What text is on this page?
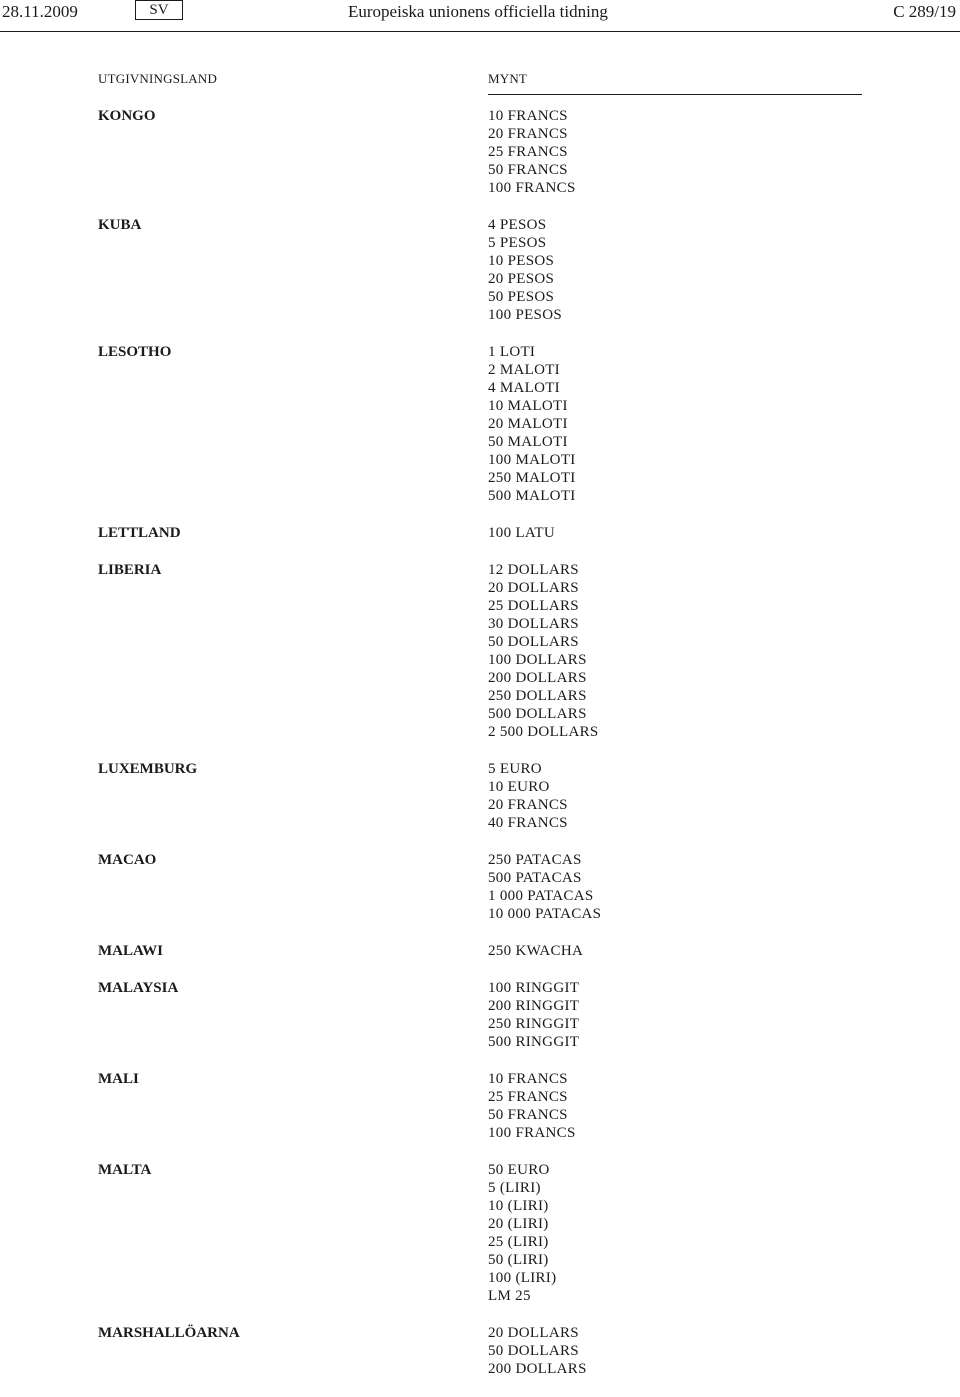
28.11.2009	SV	Europeiska unionens officiella tidning	C 289/19
UTGIVNINGSLAND	MYNT
KONGO	10 FRANCS
20 FRANCS
25 FRANCS
50 FRANCS
100 FRANCS
KUBA	4 PESOS
5 PESOS
10 PESOS
20 PESOS
50 PESOS
100 PESOS
LESOTHO	1 LOTI
2 MALOTI
4 MALOTI
10 MALOTI
20 MALOTI
50 MALOTI
100 MALOTI
250 MALOTI
500 MALOTI
LETTLAND	100 LATU
LIBERIA	12 DOLLARS
20 DOLLARS
25 DOLLARS
30 DOLLARS
50 DOLLARS
100 DOLLARS
200 DOLLARS
250 DOLLARS
500 DOLLARS
2 500 DOLLARS
LUXEMBURG	5 EURO
10 EURO
20 FRANCS
40 FRANCS
MACAO	250 PATACAS
500 PATACAS
1 000 PATACAS
10 000 PATACAS
MALAWI	250 KWACHA
MALAYSIA	100 RINGGIT
200 RINGGIT
250 RINGGIT
500 RINGGIT
MALI	10 FRANCS
25 FRANCS
50 FRANCS
100 FRANCS
MALTA	50 EURO
5 (LIRI)
10 (LIRI)
20 (LIRI)
25 (LIRI)
50 (LIRI)
100 (LIRI)
LM 25
MARSHALLÖARNA	20 DOLLARS
50 DOLLARS
200 DOLLARS
